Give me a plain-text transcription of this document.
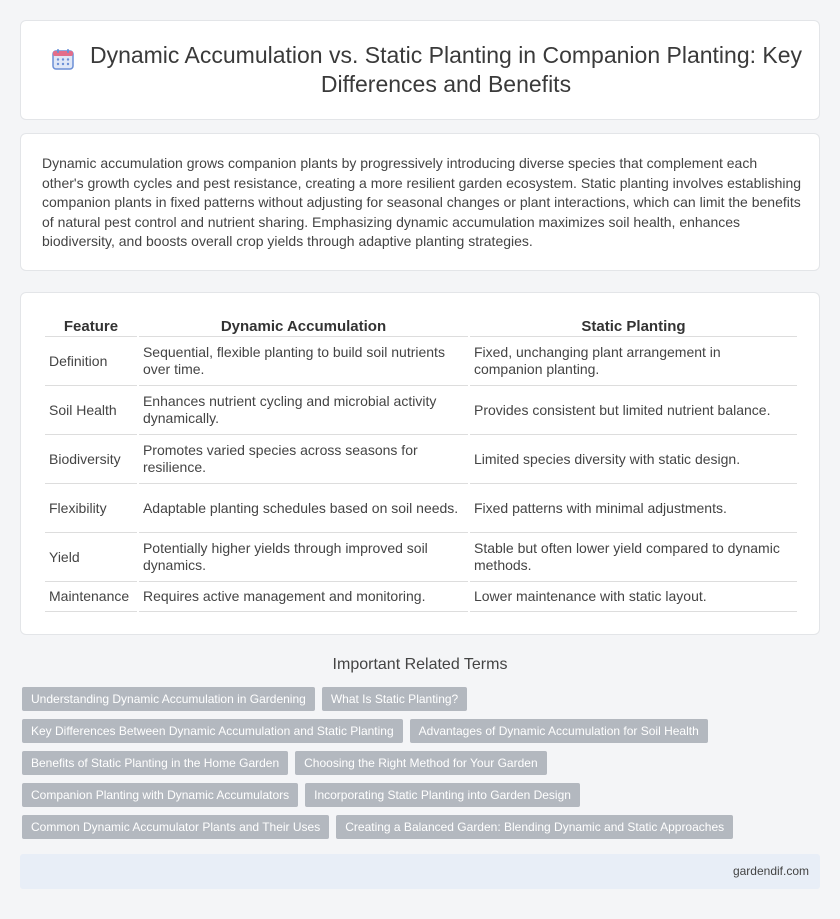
Dynamic Accumulation vs. Static Planting in Companion Planting: Key Differences and Benefits

Dynamic accumulation grows companion plants by progressively introducing diverse species that complement each other's growth cycles and pest resistance, creating a more resilient garden ecosystem. Static planting involves establishing companion plants in fixed patterns without adjusting for seasonal changes or plant interactions, which can limit the benefits of natural pest control and nutrient sharing. Emphasizing dynamic accumulation maximizes soil health, enhances biodiversity, and boosts overall crop yields through adaptive planting strategies.

Feature	Dynamic Accumulation	Static Planting
Definition	Sequential, flexible planting to build soil nutrients over time.	Fixed, unchanging plant arrangement in companion planting.
Soil Health	Enhances nutrient cycling and microbial activity dynamically.	Provides consistent but limited nutrient balance.
Biodiversity	Promotes varied species across seasons for resilience.	Limited species diversity with static design.
Flexibility	Adaptable planting schedules based on soil needs.	Fixed patterns with minimal adjustments.
Yield	Potentially higher yields through improved soil dynamics.	Stable but often lower yield compared to dynamic methods.
Maintenance	Requires active management and monitoring.	Lower maintenance with static layout.
Important Related Terms
Understanding Dynamic Accumulation in Gardening	What Is Static Planting?
Key Differences Between Dynamic Accumulation and Static Planting	Advantages of Dynamic Accumulation for Soil Health
Benefits of Static Planting in the Home Garden	Choosing the Right Method for Your Garden
Companion Planting with Dynamic Accumulators	Incorporating Static Planting into Garden Design
Common Dynamic Accumulator Plants and Their Uses	Creating a Balanced Garden: Blending Dynamic and Static Approaches
gardendif.com
